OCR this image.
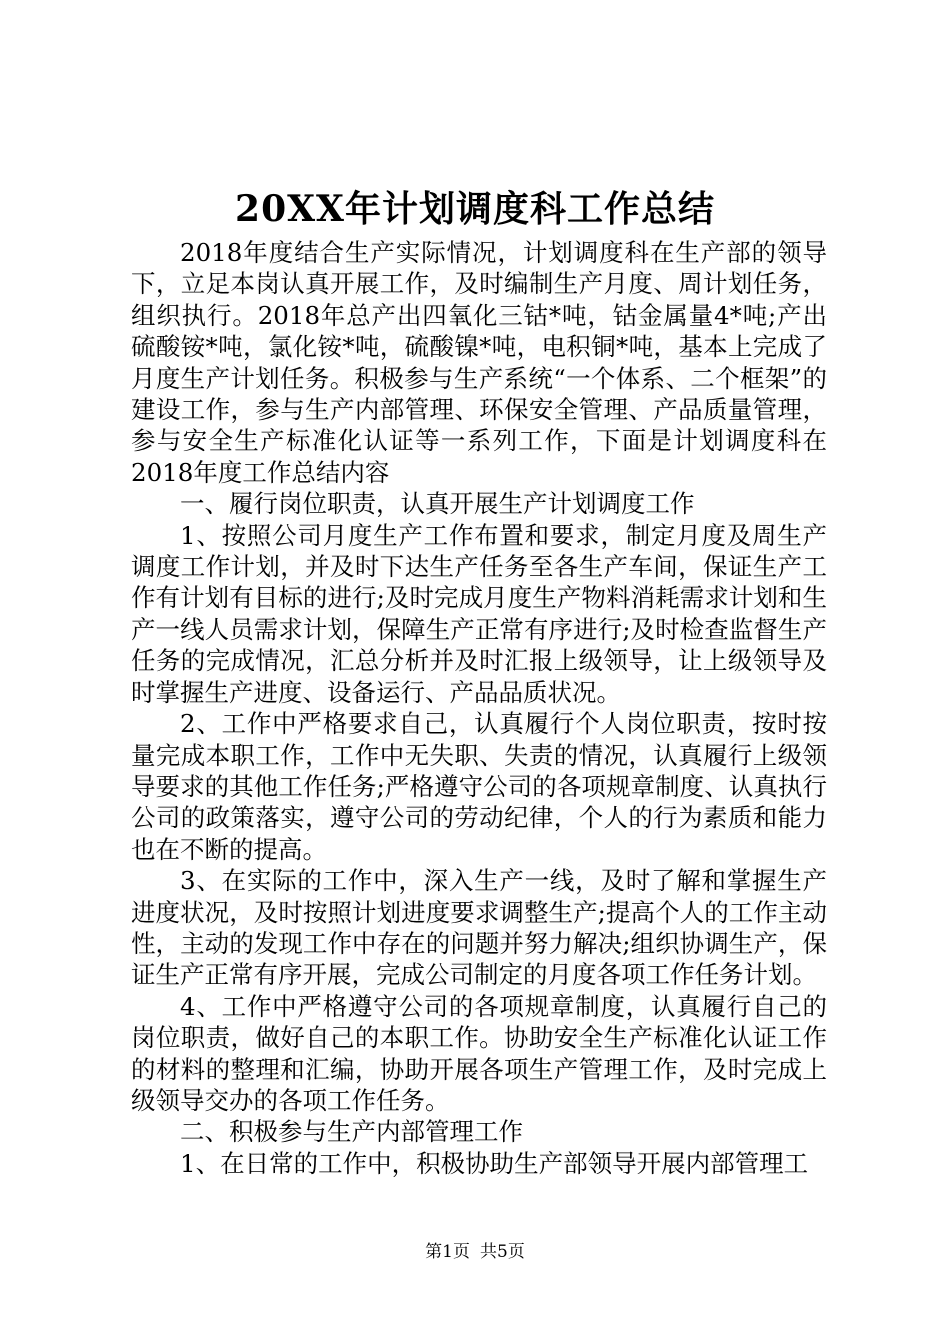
20XX年计划调度科工作总结

2018年度结合生产实际情况，计划调度科在生产部的领导下，立足本岗认真开展工作，及时编制生产月度、周计划任务，组织执行。2018年总产出四氧化三钴*吨，钴金属量4*吨;产出硫酸铵*吨，氯化铵*吨，硫酸镍*吨，电积铜*吨，基本上完成了月度生产计划任务。积极参与生产系统“一个体系、二个框架”的建设工作，参与生产内部管理、环保安全管理、产品质量管理，参与安全生产标准化认证等一系列工作，下面是计划调度科在2018年度工作总结内容

一、履行岗位职责，认真开展生产计划调度工作

1、按照公司月度生产工作布置和要求，制定月度及周生产调度工作计划，并及时下达生产任务至各生产车间，保证生产工作有计划有目标的进行;及时完成月度生产物料消耗需求计划和生产一线人员需求计划，保障生产正常有序进行;及时检查监督生产任务的完成情况，汇总分析并及时汇报上级领导，让上级领导及时掌握生产进度、设备运行、产品品质状况。

2、工作中严格要求自己，认真履行个人岗位职责，按时按量完成本职工作，工作中无失职、失责的情况，认真履行上级领导要求的其他工作任务;严格遵守公司的各项规章制度、认真执行公司的政策落实，遵守公司的劳动纪律，个人的行为素质和能力也在不断的提高。

3、在实际的工作中，深入生产一线，及时了解和掌握生产进度状况，及时按照计划进度要求调整生产;提高个人的工作主动性，主动的发现工作中存在的问题并努力解决;组织协调生产，保证生产正常有序开展，完成公司制定的月度各项工作任务计划。

4、工作中严格遵守公司的各项规章制度，认真履行自己的岗位职责，做好自己的本职工作。协助安全生产标准化认证工作的材料的整理和汇编，协助开展各项生产管理工作，及时完成上级领导交办的各项工作任务。

二、积极参与生产内部管理工作

1、在日常的工作中，积极协助生产部领导开展内部管理工

第1页 共5页
